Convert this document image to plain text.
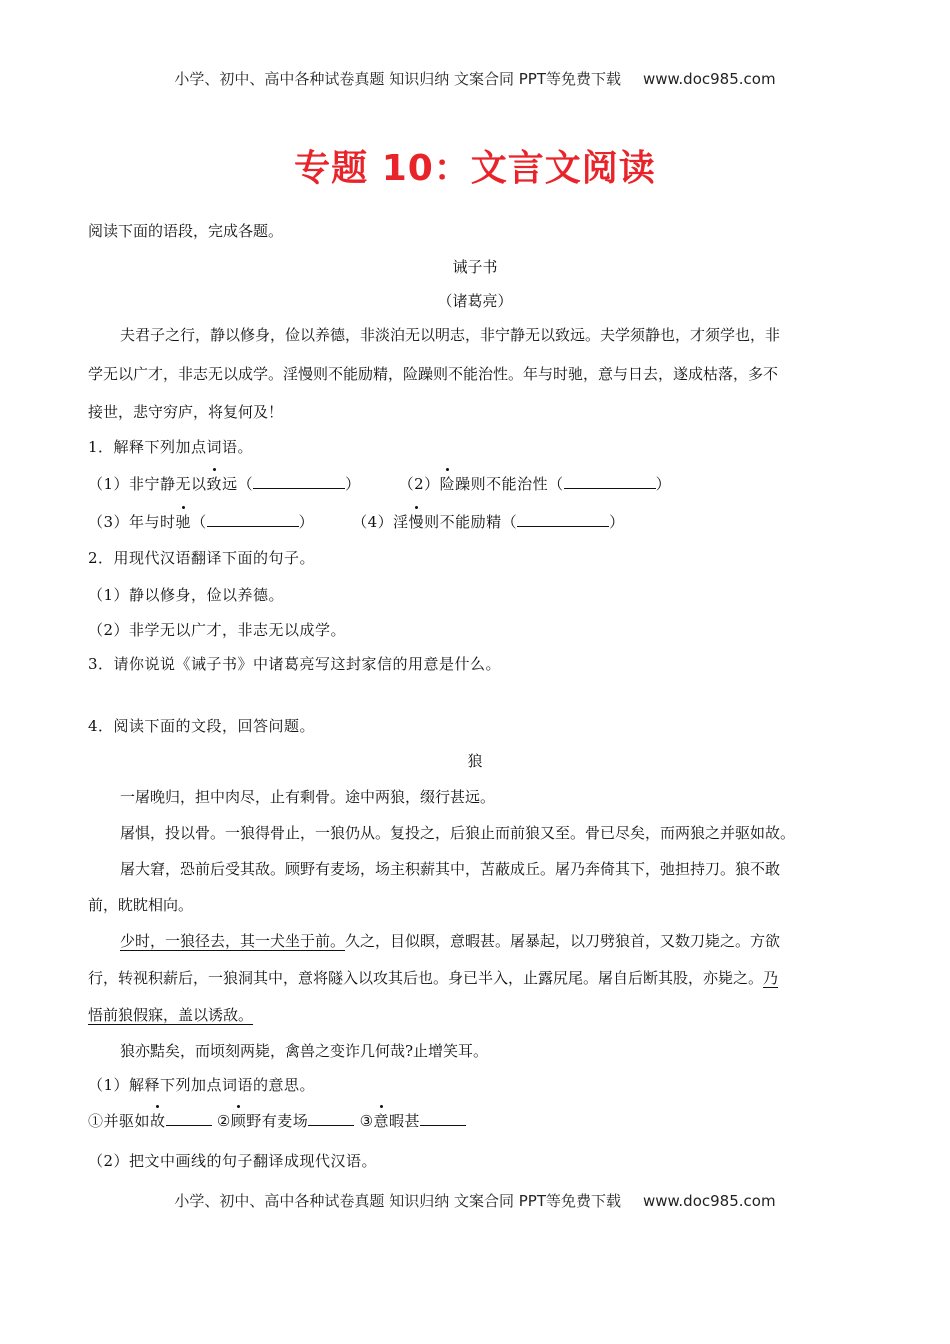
小学、初中、高中各种试卷真题 知识归纳 文案合同 PPT等免费下载 www.doc985.com
专题 10：文言文阅读
阅读下面的语段，完成各题。
诫子书
（诸葛亮）
夫君子之行，静以修身，俭以养德，非淡泊无以明志，非宁静无以致远。夫学须静也，才须学也，非
学无以广才，非志无以成学。淫慢则不能励精，险躁则不能治性。年与时驰，意与日去，遂成枯落，多不
接世，悲守穷庐，将复何及！
1．解释下列加点词语。
（1）非宁静无以致远（	）	（2）险躁则不能治性（	）
（3）年与时驰（	）	（4）淫慢则不能励精（	）
2．用现代汉语翻译下面的句子。
（1）静以修身，俭以养德。
（2）非学无以广才，非志无以成学。
3．请你说说《诫子书》中诸葛亮写这封家信的用意是什么。
4．阅读下面的文段，回答问题。
狼
一屠晚归，担中肉尽，止有剩骨。途中两狼，缀行甚远。
屠惧，投以骨。一狼得骨止，一狼仍从。复投之，后狼止而前狼又至。骨已尽矣，而两狼之并驱如故。
屠大窘，恐前后受其敌。顾野有麦场，场主积薪其中，苫蔽成丘。屠乃奔倚其下，弛担持刀。狼不敢
前，眈眈相向。
少时，一狼径去，其一犬坐于前。久之，目似瞑，意暇甚。屠暴起，以刀劈狼首，又数刀毙之。方欲
行，转视积薪后，一狼洞其中，意将隧入以攻其后也。身已半入，止露尻尾。屠自后断其股，亦毙之。乃
悟前狼假寐，盖以诱敌。
狼亦黠矣，而顷刻两毙，禽兽之变诈几何哉?止增笑耳。
（1）解释下列加点词语的意思。
①并驱如故	②顾野有麦场	③意暇甚
（2）把文中画线的句子翻译成现代汉语。
小学、初中、高中各种试卷真题 知识归纳 文案合同 PPT等免费下载 www.doc985.com
